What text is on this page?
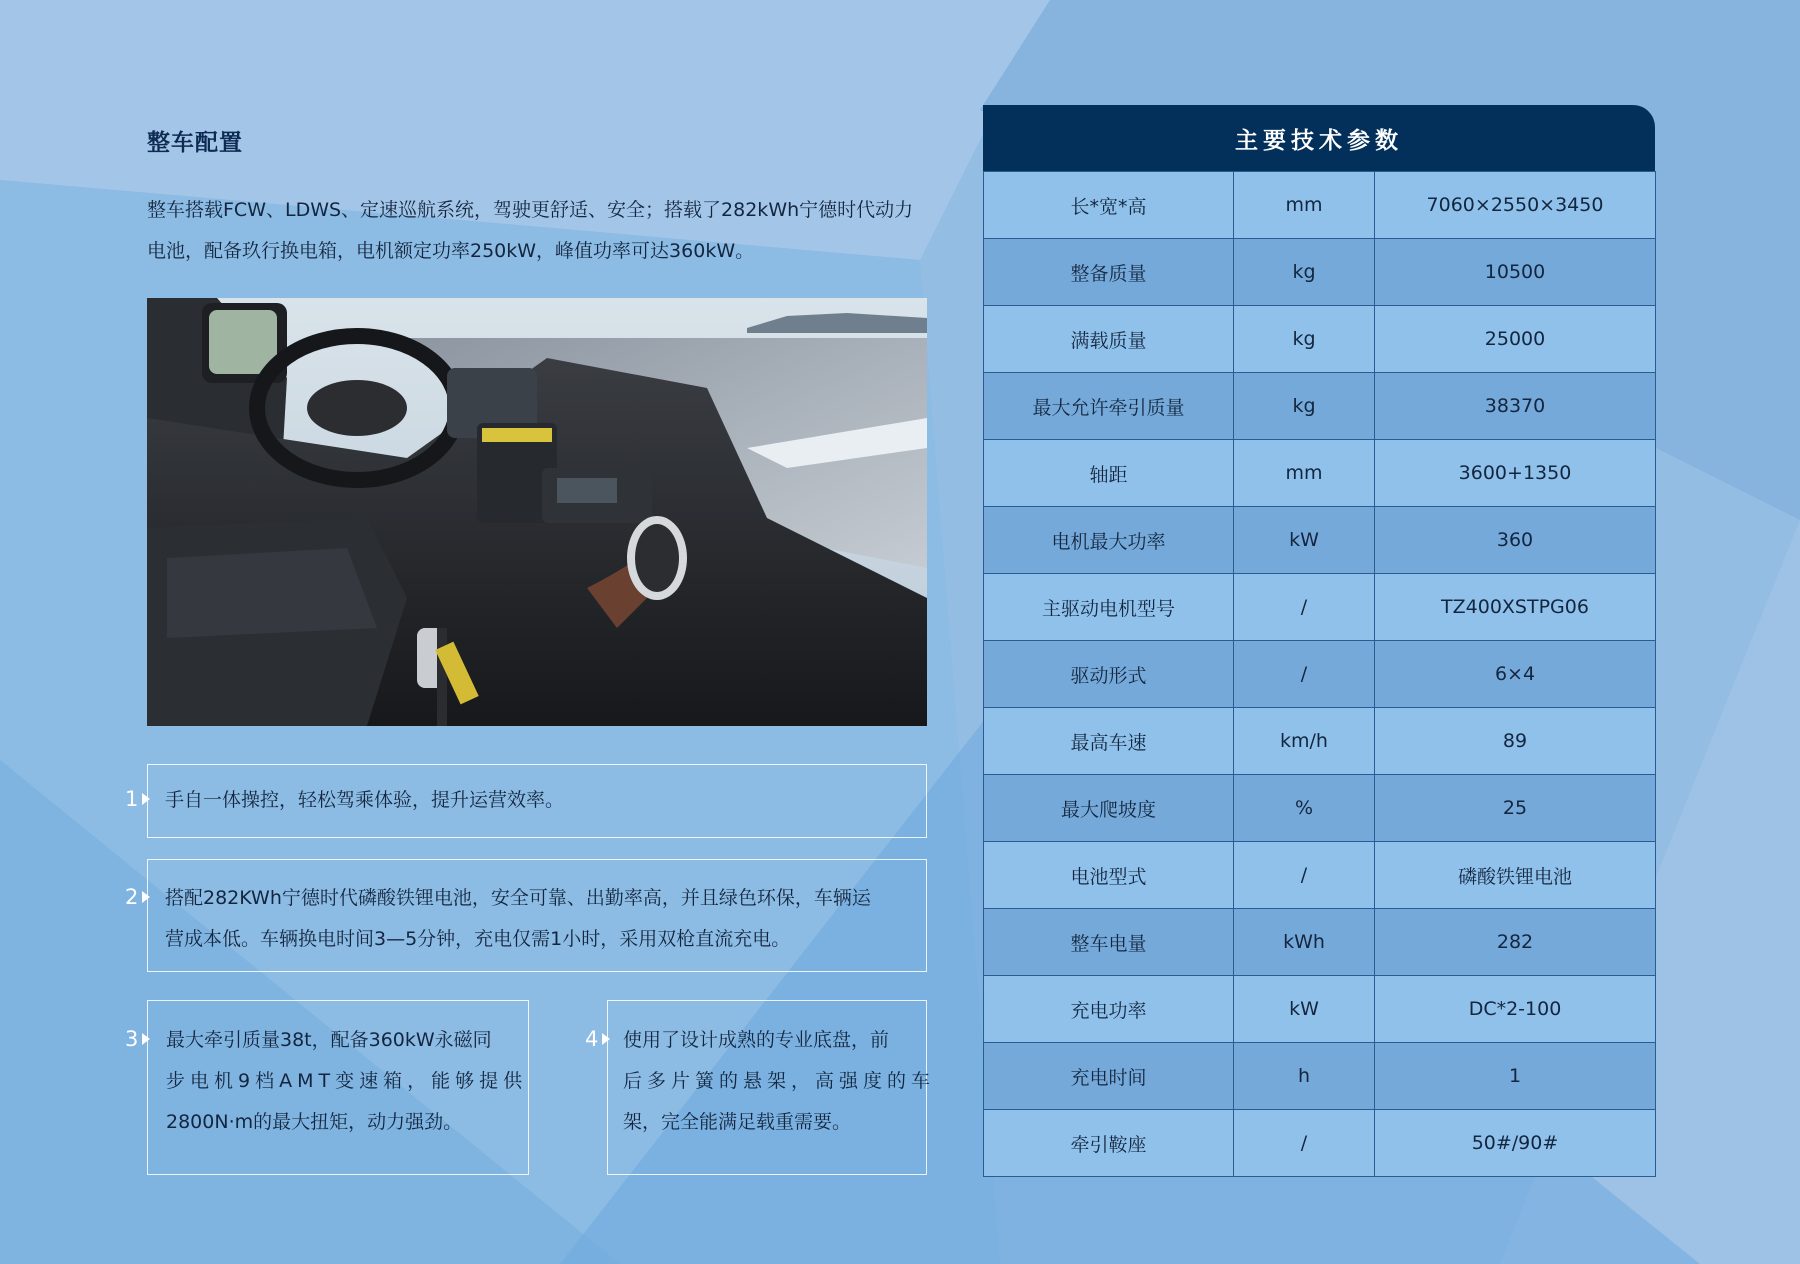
整车配置
整车搭载FCW、LDWS、定速巡航系统，驾驶更舒适、安全；搭载了282kWh宁德时代动力
电池，配备玖行换电箱，电机额定功率250kW，峰值功率可达360kW。
1 手自一体操控，轻松驾乘体验，提升运营效率。
2 搭配282KWh宁德时代磷酸铁锂电池，安全可靠、出勤率高，并且绿色环保，车辆运
营成本低。车辆换电时间3—5分钟，充电仅需1小时，采用双枪直流充电。
3 最大牵引质量38t，配备360kW永磁同
步电机9档AMT变速箱，能够提供
2800N·m的最大扭矩，动力强劲。
4 使用了设计成熟的专业底盘，前
后多片簧的悬架，高强度的车
架，完全能满足载重需要。
主要技术参数
长*宽*高	mm	7060×2550×3450
整备质量	kg	10500
满载质量	kg	25000
最大允许牵引质量	kg	38370
轴距	mm	3600+1350
电机最大功率	kW	360
主驱动电机型号	/	TZ400XSTPG06
驱动形式	/	6×4
最高车速	km/h	89
最大爬坡度	%	25
电池型式	/	磷酸铁锂电池
整车电量	kWh	282
充电功率	kW	DC*2-100
充电时间	h	1
牵引鞍座	/	50#/90#
